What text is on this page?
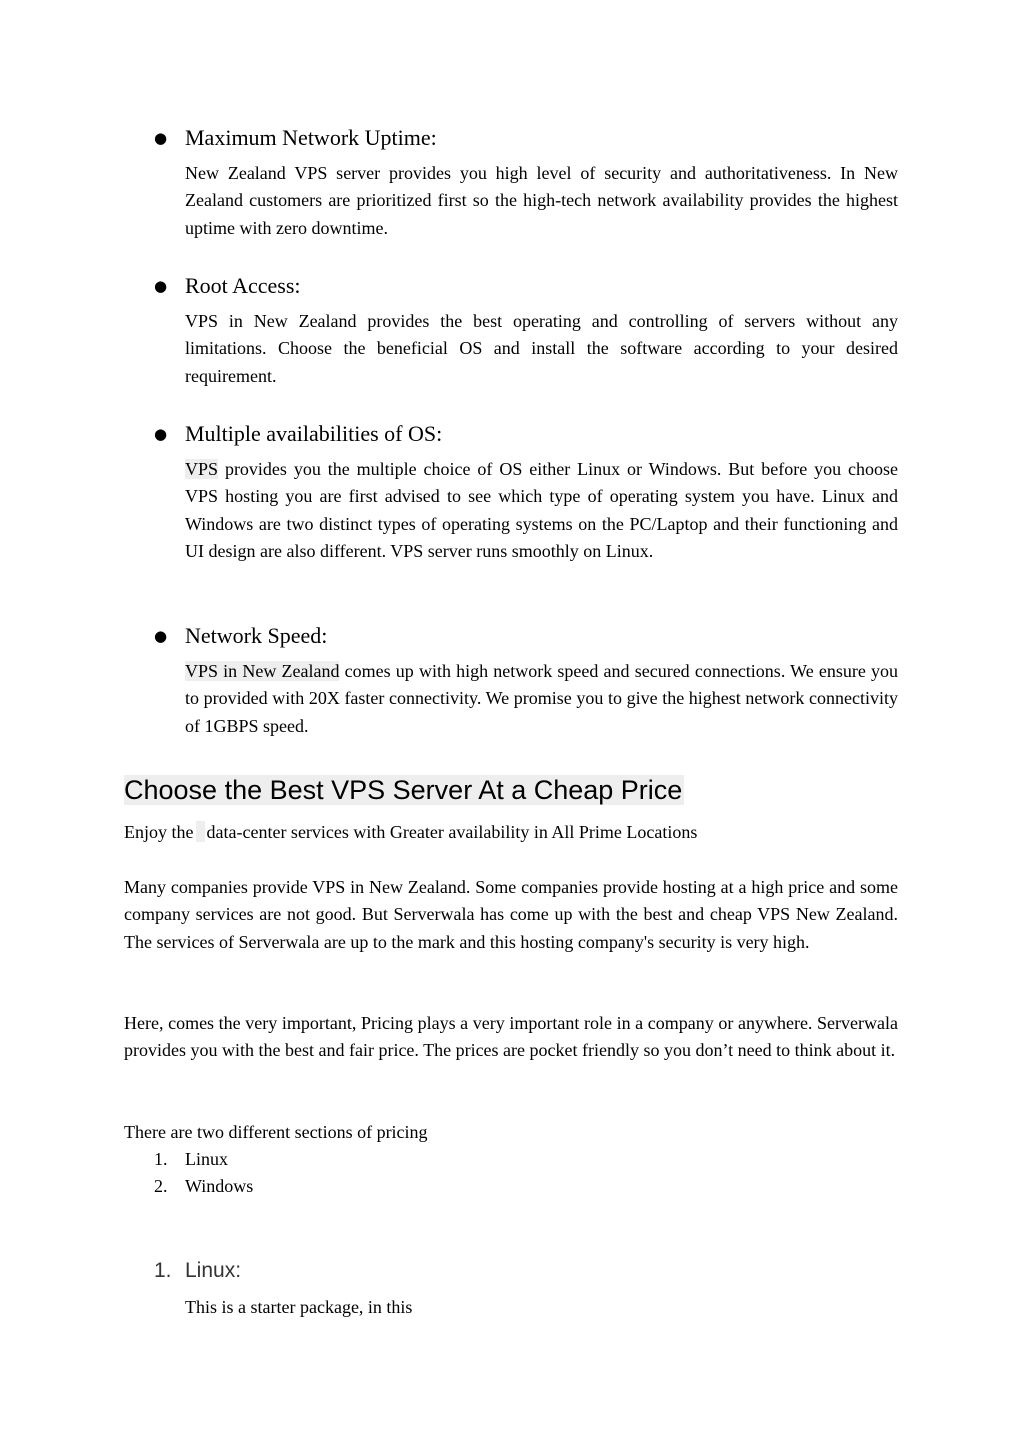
● Maximum Network Uptime:
New Zealand VPS server provides you high level of security and authoritativeness. In New Zealand customers are prioritized first so the high-tech network availability provides the highest uptime with zero downtime.
● Root Access:
VPS in New Zealand provides the best operating and controlling of servers without any limitations. Choose the beneficial OS and install the software according to your desired requirement.
● Multiple availabilities of OS:
VPS provides you the multiple choice of OS either Linux or Windows. But before you choose VPS hosting you are first advised to see which type of operating system you have. Linux and Windows are two distinct types of operating systems on the PC/Laptop and their functioning and UI design are also different. VPS server runs smoothly on Linux.
● Network Speed:
VPS in New Zealand comes up with high network speed and secured connections. We ensure you to provided with 20X faster connectivity. We promise you to give the highest network connectivity of 1GBPS speed.
Choose the Best VPS Server At a Cheap Price
Enjoy the data-center services with Greater availability in All Prime Locations
Many companies provide VPS in New Zealand. Some companies provide hosting at a high price and some company services are not good. But Serverwala has come up with the best and cheap VPS New Zealand. The services of Serverwala are up to the mark and this hosting company's security is very high.
Here, comes the very important, Pricing plays a very important role in a company or anywhere. Serverwala provides you with the best and fair price. The prices are pocket friendly so you don’t need to think about it.
There are two different sections of pricing
1. Linux
2. Windows
1. Linux:
This is a starter package, in this
